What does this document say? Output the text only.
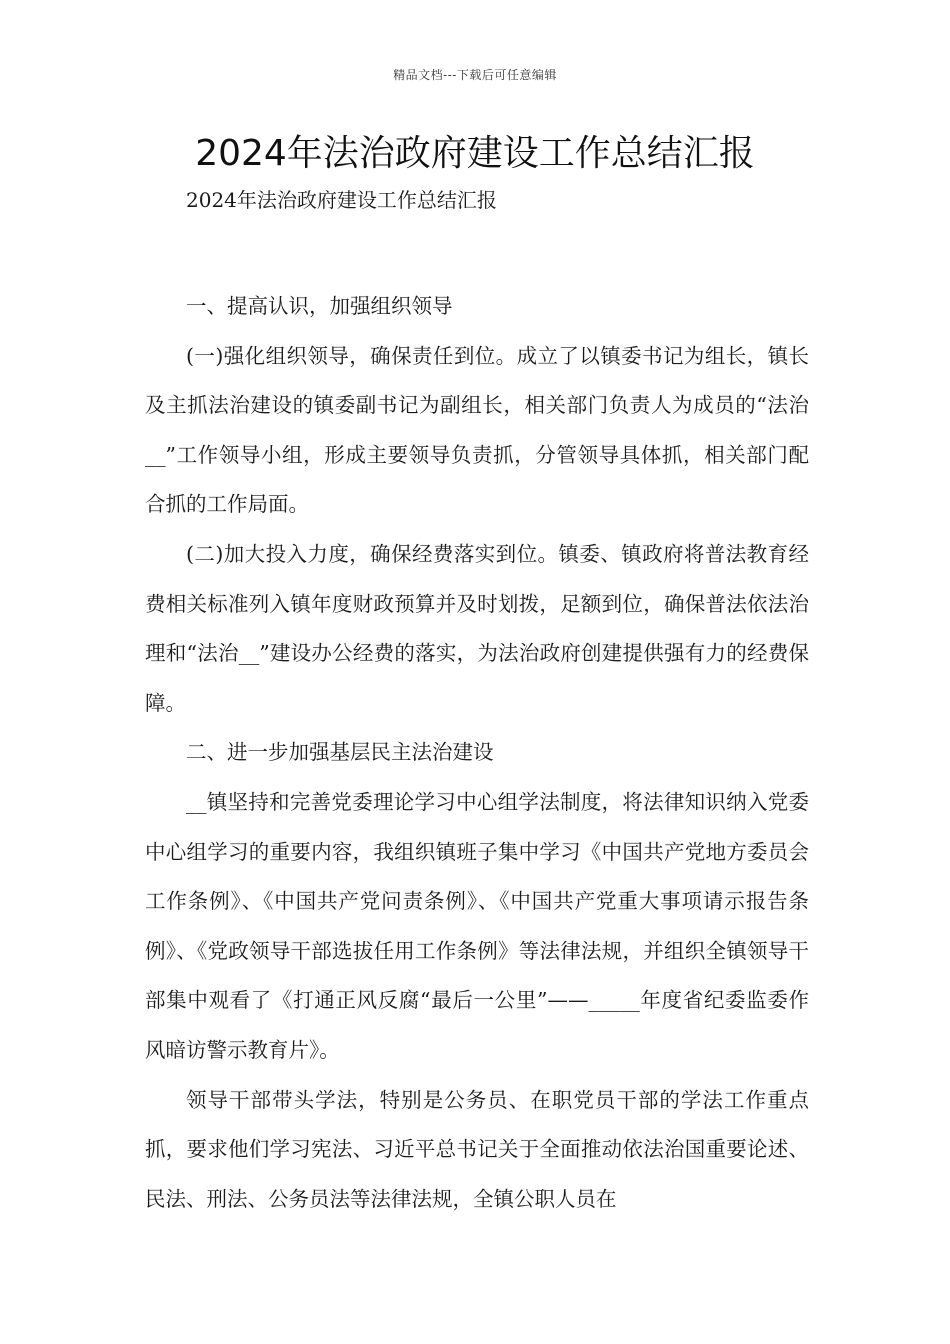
精品文档---下载后可任意编辑
2024年法治政府建设工作总结汇报
2024年法治政府建设工作总结汇报

一、提高认识，加强组织领导

(一)强化组织领导，确保责任到位。成立了以镇委书记为组长，镇长及主抓法治建设的镇委副书记为副组长，相关部门负责人为成员的“法治__”工作领导小组，形成主要领导负责抓，分管领导具体抓，相关部门配合抓的工作局面。

(二)加大投入力度，确保经费落实到位。镇委、镇政府将普法教育经费相关标准列入镇年度财政预算并及时划拨，足额到位，确保普法依法治理和“法治__”建设办公经费的落实，为法治政府创建提供强有力的经费保障。

二、进一步加强基层民主法治建设

__镇坚持和完善党委理论学习中心组学法制度，将法律知识纳入党委中心组学习的重要内容，我组织镇班子集中学习《中国共产党地方委员会工作条例》、《中国共产党问责条例》、《中国共产党重大事项请示报告条例》、《党政领导干部选拔任用工作条例》等法律法规，并组织全镇领导干部集中观看了《打通正风反腐“最后一公里”——_____年度省纪委监委作风暗访警示教育片》。

领导干部带头学法，特别是公务员、在职党员干部的学法工作重点抓，要求他们学习宪法、习近平总书记关于全面推动依法治国重要论述、民法、刑法、公务员法等法律法规，全镇公职人员在
